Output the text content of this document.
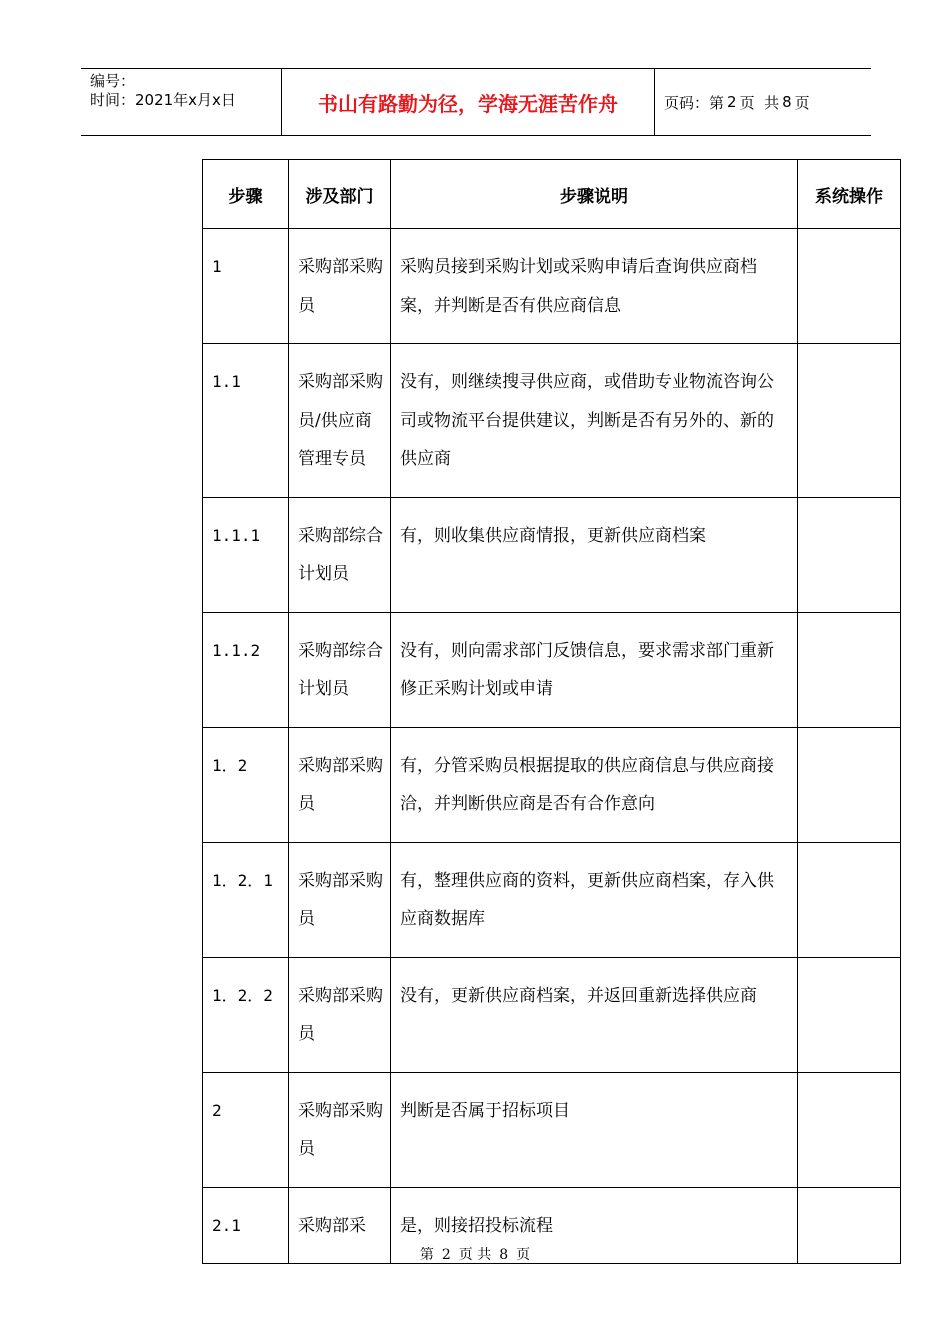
编号：
时间：2021年x月x日	书山有路勤为径，学海无涯苦作舟	页码：第 2 页  共 8 页
步骤	涉及部门	步骤说明	系统操作
1	采购部采购员	采购员接到采购计划或采购申请后查询供应商档案，并判断是否有供应商信息	
1.1	采购部采购员/供应商管理专员	没有，则继续搜寻供应商，或借助专业物流咨询公司或物流平台提供建议，判断是否有另外的、新的供应商	
1.1.1	采购部综合计划员	有，则收集供应商情报，更新供应商档案	
1.1.2	采购部综合计划员	没有，则向需求部门反馈信息，要求需求部门重新修正采购计划或申请	
1．2	采购部采购员	有，分管采购员根据提取的供应商信息与供应商接洽，并判断供应商是否有合作意向	
1．2．1	采购部采购员	有，整理供应商的资料，更新供应商档案，存入供应商数据库	
1．2．2	采购部采购员	没有，更新供应商档案，并返回重新选择供应商	
2	采购部采购员	判断是否属于招标项目	
2.1	采购部采	是，则接招投标流程	
第 2 页 共 8 页
